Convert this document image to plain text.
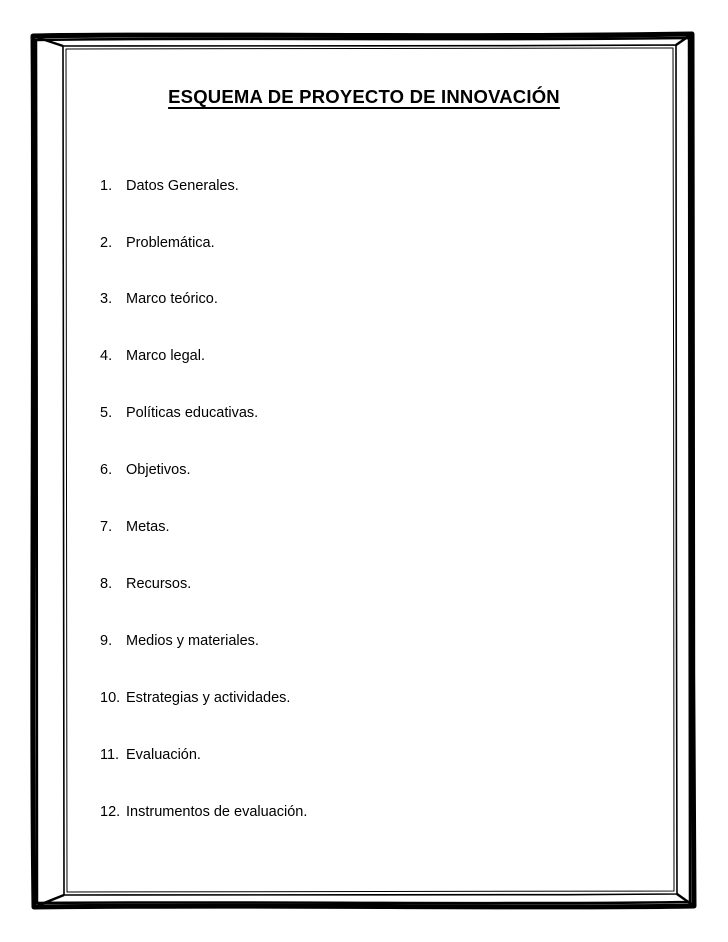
ESQUEMA DE PROYECTO DE INNOVACIÓN
1. Datos Generales.
2. Problemática.
3. Marco teórico.
4. Marco legal.
5. Políticas educativas.
6. Objetivos.
7. Metas.
8. Recursos.
9. Medios y materiales.
10. Estrategias y actividades.
11. Evaluación.
12. Instrumentos de evaluación.
